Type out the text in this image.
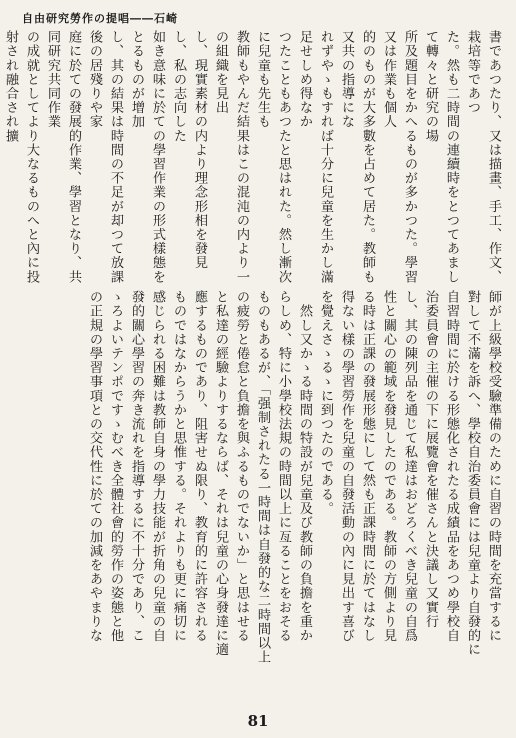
自由研究勞作の提唱――石崎

書であつたり、又は描畫、手工、作文、栽培等であつ

た。然も二時間の連續時をとつてあまして轉々と研究の場

所及題目をかへるものが多かつた。學習又は作業も個人

的のものが大多數を占めて居た。教師も又共の指導にな

れずやゝもすれば十分に兒童を生かし滿足せしめ得なか

つたこともあつたと思はれた。然し漸次に兒童も先生も

教師もやんだ結果はこの混沌の内より一の組織を見出

し、現實素材の内より理念形相を發見し、私の志向した

如き意味に於ての學習作業の形式樣態をとるものが增加

し、其の結果は時間の不足が却つて放課後の居殘りや家

庭に於ての發展的作業、學習となり、共同研究共同作業

の成就としてより大なるものへと內に投射され融合され擴

師が上級學校受驗準備のために自習の時間を充當するに

對して不滿を訴へ、學校自治委員會には兒童より自發的に

自習時間に於ける形態化されたる成績品をあつめ學校自

治委員會の主催の下に展覽會を催さんと決議し又實行

し、其の陳列品を通じて私達はおどろくべき兒童の自爲

性と關心の範域を發見したのである。教師の方側より見

る時は正課の發展形態にして然も正課時間に於てはなし

得ない樣の學習勞作を兒童の自發活動の內に見出す喜び

を覺えさゝるゝに到つたのである。

　然し又かゝる時間の特設が兒童及び教師の負擔を重か

らしめ、特に小學校法規の時間以上に亙ることをおそる

ものもあるが、「强制されたる一時間は自發的な二時間以上

の疲勞と倦怠と負擔を與ふるものでないか」と思はせる

と私達の經驗よりするならば、それは兒童の心身發達に適

應するものであり、阻害せぬ限り、教育的に許容される

ものではなからうかと思惟する。それよりも更に痛切に

感じられる困難は教師自身の學力技能が折角の兒童の自

發的關心學習の奔き流れを指導するに不十分であり、こ

ゝろよいテンポですゝむべき全體社會的勞作の姿態と他

の正規の學習事項との交代性に於ての加減をあやまりな

81
